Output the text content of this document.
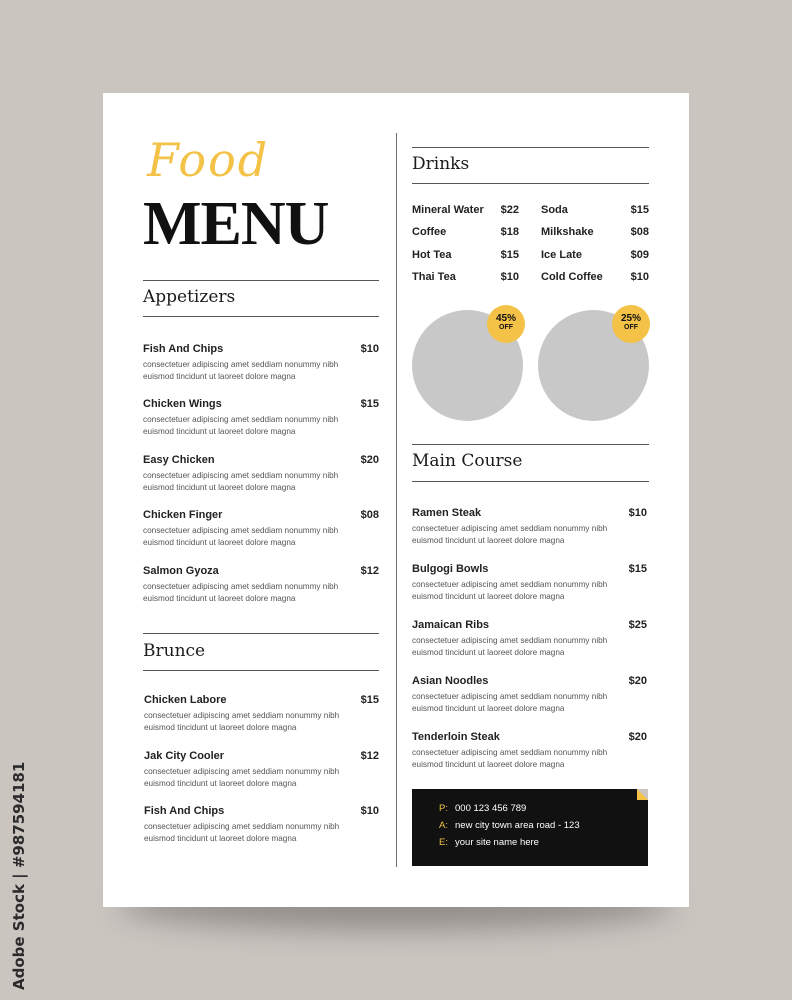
Food
MENU
Appetizers
Fish And Chips	$10
consectetuer adipiscing amet seddiam nonummy nibh euismod tincidunt ut laoreet dolore magna
Chicken Wings	$15
consectetuer adipiscing amet seddiam nonummy nibh euismod tincidunt ut laoreet dolore magna
Easy Chicken	$20
consectetuer adipiscing amet seddiam nonummy nibh euismod tincidunt ut laoreet dolore magna
Chicken Finger	$08
consectetuer adipiscing amet seddiam nonummy nibh euismod tincidunt ut laoreet dolore magna
Salmon Gyoza	$12
consectetuer adipiscing amet seddiam nonummy nibh euismod tincidunt ut laoreet dolore magna
Brunce
Chicken Labore	$15
consectetuer adipiscing amet seddiam nonummy nibh euismod tincidunt ut laoreet dolore magna
Jak City Cooler	$12
consectetuer adipiscing amet seddiam nonummy nibh euismod tincidunt ut laoreet dolore magna
Fish And Chips	$10
consectetuer adipiscing amet seddiam nonummy nibh euismod tincidunt ut laoreet dolore magna
Drinks
Mineral Water $22
Coffee	$18
Hot Tea	$15
Thai Tea	$10
Soda	$15
Milkshake	$08
Ice Late	$09
Cold Coffee	$10
45%
OFF
25%
OFF
Main Course
Ramen Steak	$10
consectetuer adipiscing amet seddiam nonummy nibh euismod tincidunt ut laoreet dolore magna
Bulgogi Bowls	$15
consectetuer adipiscing amet seddiam nonummy nibh euismod tincidunt ut laoreet dolore magna
Jamaican Ribs	$25
consectetuer adipiscing amet seddiam nonummy nibh euismod tincidunt ut laoreet dolore magna
Asian Noodles	$20
consectetuer adipiscing amet seddiam nonummy nibh euismod tincidunt ut laoreet dolore magna
Tenderloin Steak	$20
consectetuer adipiscing amet seddiam nonummy nibh euismod tincidunt ut laoreet dolore magna
P: 000 123 456 789
A: new city town area road - 123
E: your site name here
Adobe Stock | #987594181
